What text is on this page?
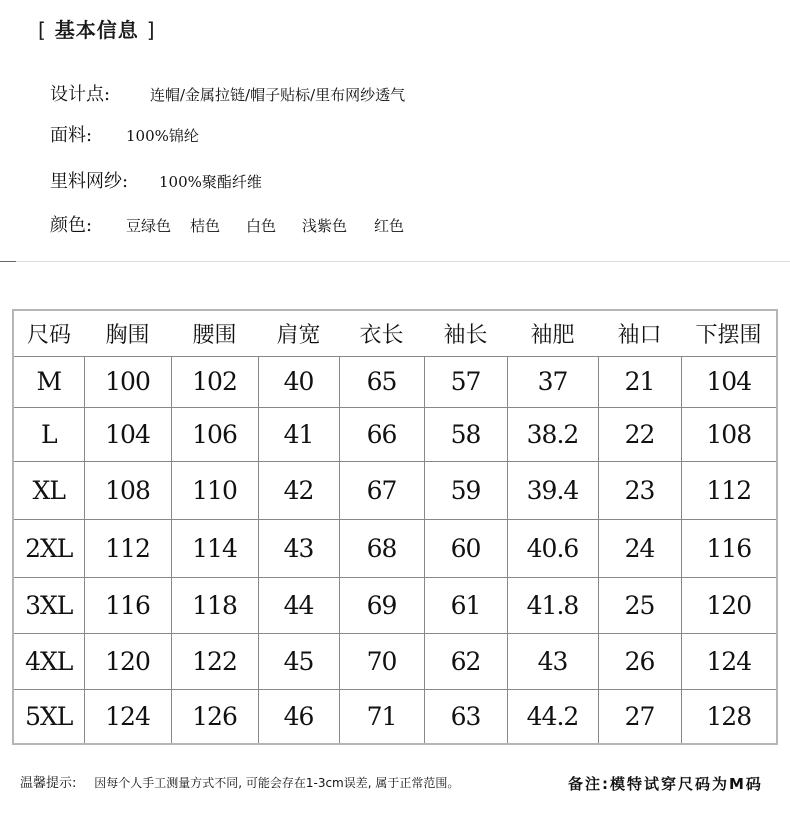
[ 基本信息 ]
设计点:	连帽/金属拉链/帽子贴标/里布网纱透气
面料:	100%锦纶
里料网纱:	100%聚酯纤维
颜色:	豆绿色	桔色	白色	浅紫色	红色
尺码	胸围	腰围	肩宽	衣长	袖长	袖肥	袖口	下摆围
M	100	102	40	65	57	37	21	104
L	104	106	41	66	58	38.2	22	108
XL	108	110	42	67	59	39.4	23	112
2XL	112	114	43	68	60	40.6	24	116
3XL	116	118	44	69	61	41.8	25	120
4XL	120	122	45	70	62	43	26	124
5XL	124	126	46	71	63	44.2	27	128
温馨提示: 因每个人手工测量方式不同, 可能会存在1-3cm误差, 属于正常范围。	备注:模特试穿尺码为M码
